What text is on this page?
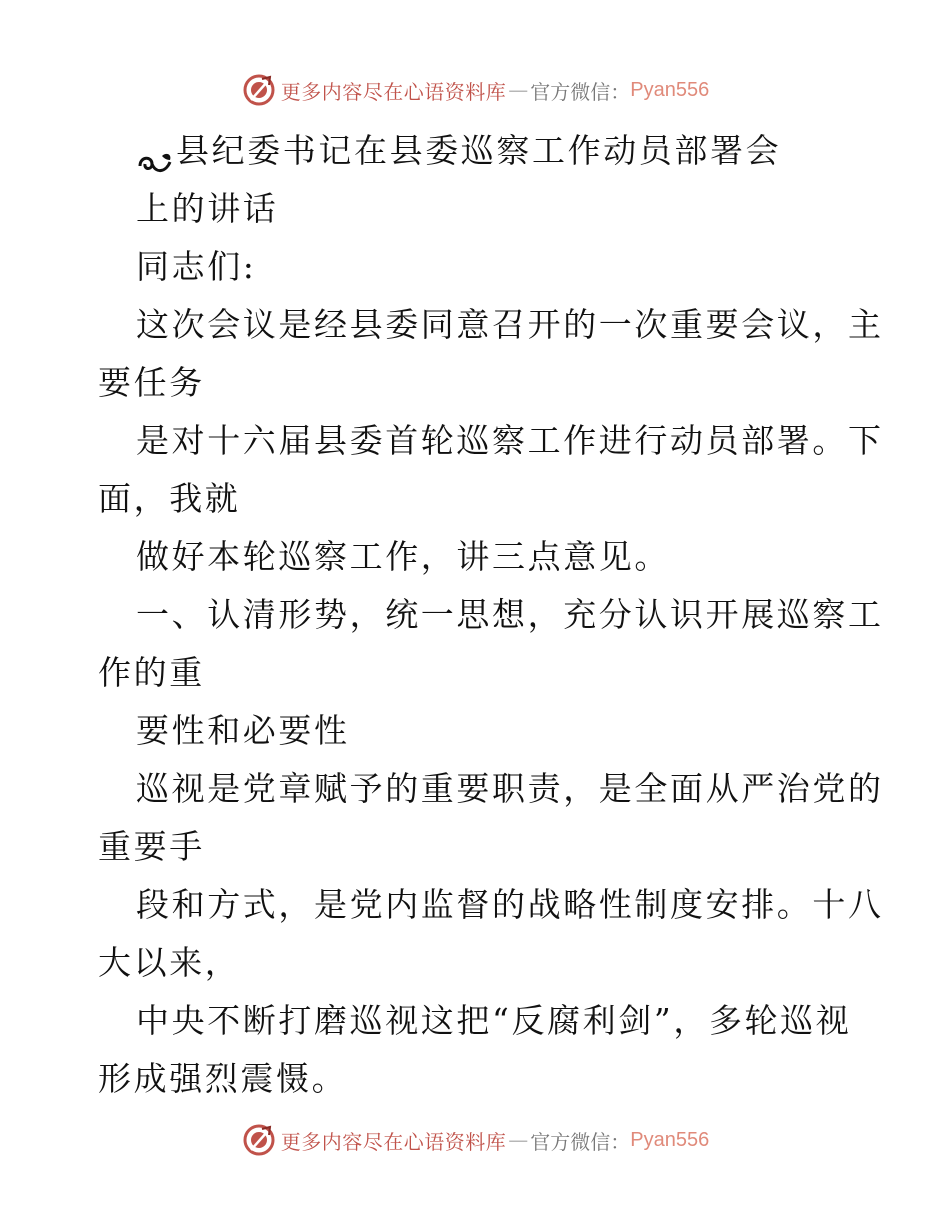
更多内容尽在心语资料库 — 官方微信： Pyan556
县纪委书记在县委巡察工作动员部署会
上的讲话
同志们:
这次会议是经县委同意召开的一次重要会议，主
要任务
是对十六届县委首轮巡察工作进行动员部署。下
面，我就
做好本轮巡察工作，讲三点意见。
一、认清形势，统一思想，充分认识开展巡察工
作的重
要性和必要性
巡视是党章赋予的重要职责，是全面从严治党的
重要手
段和方式，是党内监督的战略性制度安排。十八
大以来，
中央不断打磨巡视这把“反腐利剑”，多轮巡视
形成强烈震慑。
更多内容尽在心语资料库 — 官方微信： Pyan556
